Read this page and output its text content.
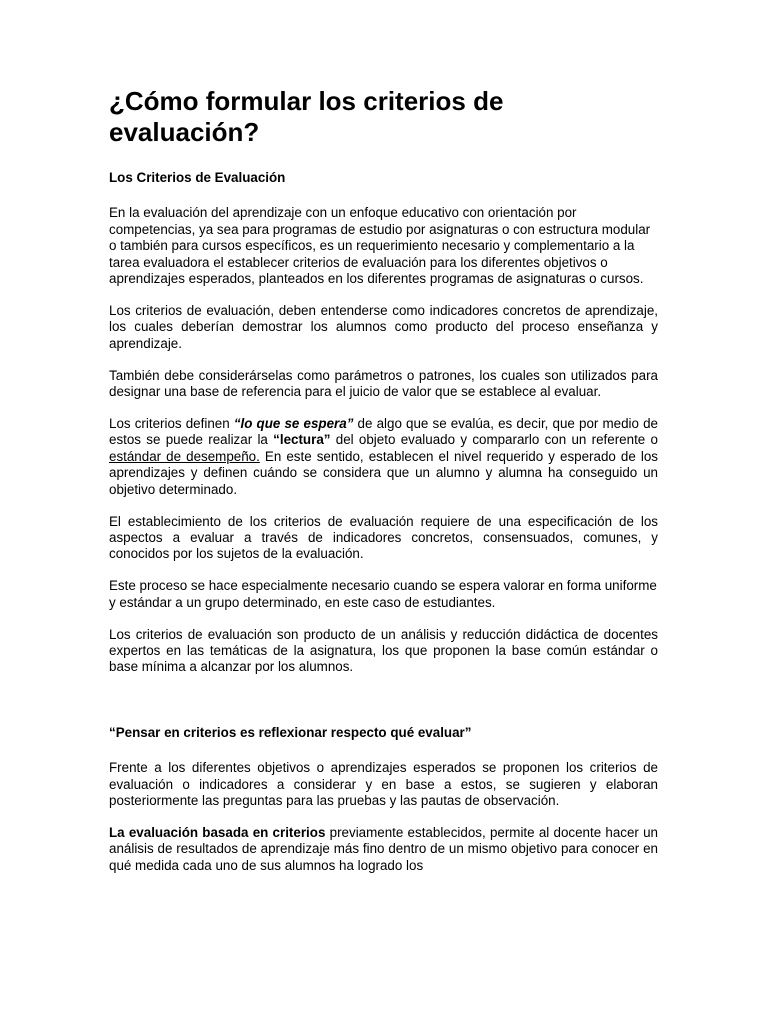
¿Cómo formular los criterios de evaluación?
Los Criterios de Evaluación

En la evaluación del aprendizaje con un enfoque educativo con orientación por competencias, ya sea para programas de estudio por asignaturas o con estructura modular o también para cursos específicos, es un requerimiento necesario y complementario a la tarea evaluadora el establecer criterios de evaluación para los diferentes objetivos o aprendizajes esperados, planteados en los diferentes programas de asignaturas o cursos.

Los criterios de evaluación, deben entenderse como indicadores concretos de aprendizaje, los cuales deberían demostrar los alumnos como producto del proceso enseñanza y aprendizaje.

También debe considerárselas como parámetros o patrones, los cuales son utilizados para designar una base de referencia para el juicio de valor que se establece al evaluar.

Los criterios definen “lo que se espera” de algo que se evalúa, es decir, que por medio de estos se puede realizar la “lectura” del objeto evaluado y compararlo con un referente o estándar de desempeño. En este sentido, establecen el nivel requerido y esperado de los aprendizajes y definen cuándo se considera que un alumno y alumna ha conseguido un objetivo determinado.

El establecimiento de los criterios de evaluación requiere de una especificación de los aspectos a evaluar a través de indicadores concretos, consensuados, comunes, y conocidos por los sujetos de la evaluación.

Este proceso se hace especialmente necesario cuando se espera valorar en forma uniforme y estándar a un grupo determinado, en este caso de estudiantes.

Los criterios de evaluación son producto de un análisis y reducción didáctica de docentes expertos en las temáticas de la asignatura, los que proponen la base común estándar o base mínima a alcanzar por los alumnos.

“Pensar en criterios es reflexionar respecto qué evaluar”

Frente a los diferentes objetivos o aprendizajes esperados se proponen los criterios de evaluación o indicadores a considerar y en base a estos, se sugieren y elaboran posteriormente las preguntas para las pruebas y las pautas de observación.

La evaluación basada en criterios previamente establecidos, permite al docente hacer un análisis de resultados de aprendizaje más fino dentro de un mismo objetivo para conocer en qué medida cada uno de sus alumnos ha logrado los
